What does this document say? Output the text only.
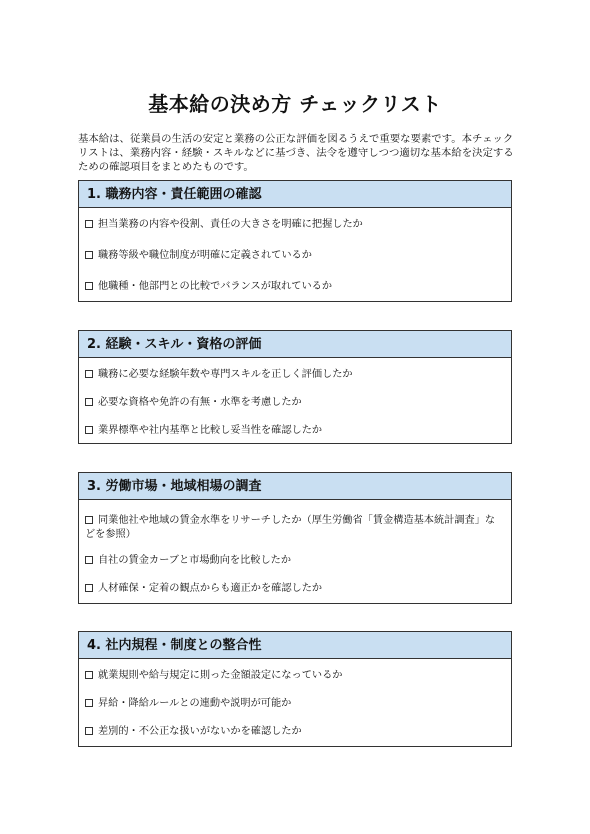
基本給の決め方 チェックリスト
基本給は、従業員の生活の安定と業務の公正な評価を図るうえで重要な要素です。本チェックリストは、業務内容・経験・スキルなどに基づき、法令を遵守しつつ適切な基本給を決定するための確認項目をまとめたものです。
1. 職務内容・責任範囲の確認
担当業務の内容や役割、責任の大きさを明確に把握したか
職務等級や職位制度が明確に定義されているか
他職種・他部門との比較でバランスが取れているか
2. 経験・スキル・資格の評価
職務に必要な経験年数や専門スキルを正しく評価したか
必要な資格や免許の有無・水準を考慮したか
業界標準や社内基準と比較し妥当性を確認したか
3. 労働市場・地域相場の調査
同業他社や地域の賃金水準をリサーチしたか（厚生労働省「賃金構造基本統計調査」などを参照）
自社の賃金カーブと市場動向を比較したか
人材確保・定着の観点からも適正かを確認したか
4. 社内規程・制度との整合性
就業規則や給与規定に則った金額設定になっているか
昇給・降給ルールとの連動や説明が可能か
差別的・不公正な扱いがないかを確認したか
